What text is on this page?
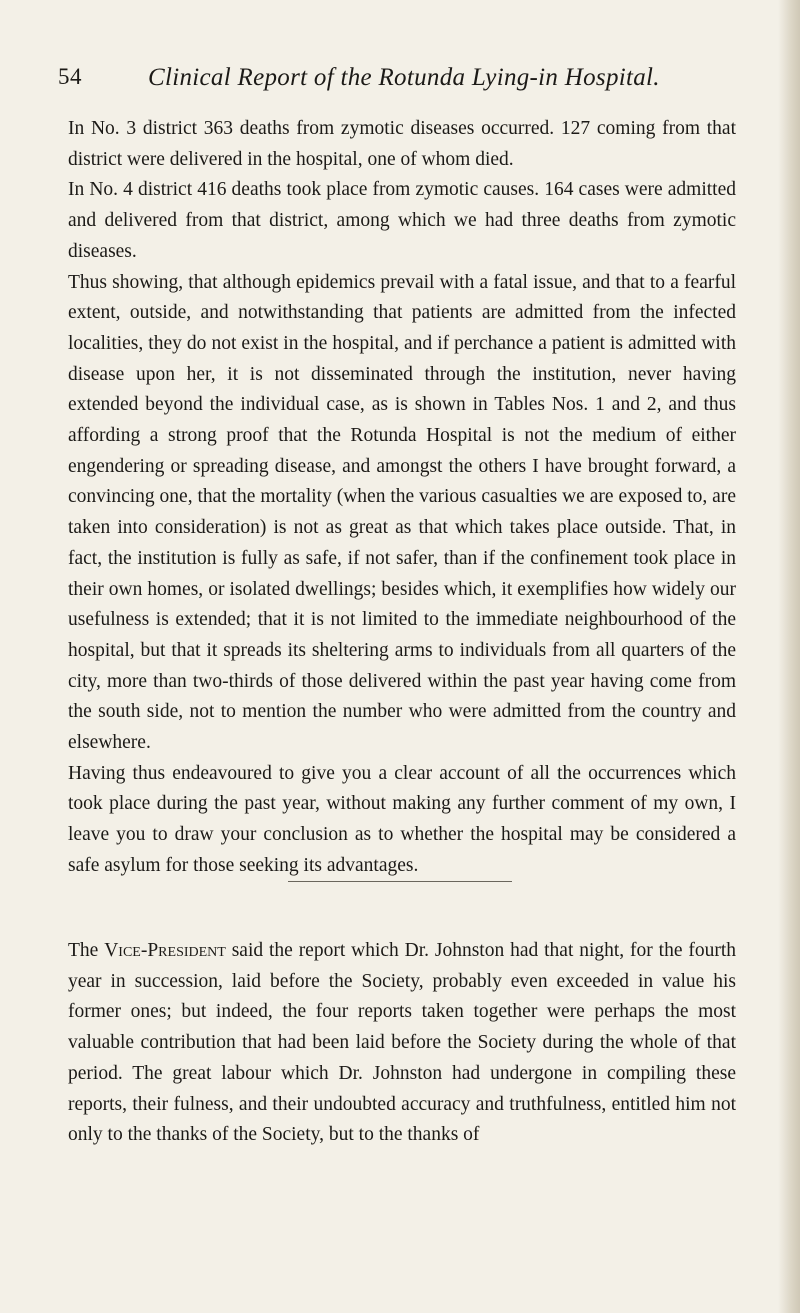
54	Clinical Report of the Rotunda Lying-in Hospital.

In No. 3 district 363 deaths from zymotic diseases occurred. 127 coming from that district were delivered in the hospital, one of whom died.

In No. 4 district 416 deaths took place from zymotic causes. 164 cases were admitted and delivered from that district, among which we had three deaths from zymotic diseases.

Thus showing, that although epidemics prevail with a fatal issue, and that to a fearful extent, outside, and notwithstanding that patients are admitted from the infected localities, they do not exist in the hospital, and if perchance a patient is admitted with disease upon her, it is not disseminated through the institution, never having extended beyond the individual case, as is shown in Tables Nos. 1 and 2, and thus affording a strong proof that the Rotunda Hospital is not the medium of either engendering or spreading disease, and amongst the others I have brought forward, a convincing one, that the mortality (when the various casualties we are exposed to, are taken into consideration) is not as great as that which takes place outside. That, in fact, the institution is fully as safe, if not safer, than if the confinement took place in their own homes, or isolated dwellings; besides which, it exemplifies how widely our usefulness is extended; that it is not limited to the immediate neighbourhood of the hospital, but that it spreads its sheltering arms to individuals from all quarters of the city, more than two-thirds of those delivered within the past year having come from the south side, not to mention the number who were admitted from the country and elsewhere.

Having thus endeavoured to give you a clear account of all the occurrences which took place during the past year, without making any further comment of my own, I leave you to draw your conclusion as to whether the hospital may be considered a safe asylum for those seeking its advantages.

The Vice-President said the report which Dr. Johnston had that night, for the fourth year in succession, laid before the Society, probably even exceeded in value his former ones; but indeed, the four reports taken together were perhaps the most valuable contribution that had been laid before the Society during the whole of that period. The great labour which Dr. Johnston had undergone in compiling these reports, their fulness, and their undoubted accuracy and truthfulness, entitled him not only to the thanks of the Society, but to the thanks of
